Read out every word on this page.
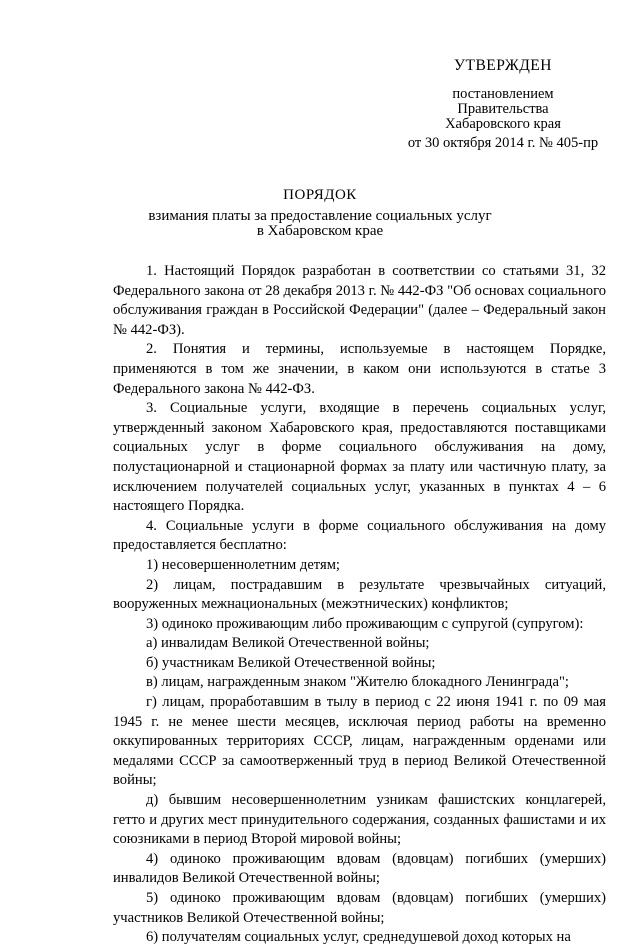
УТВЕРЖДЕН
постановлением
Правительства
Хабаровского края
от 30 октября 2014 г. № 405-пр
ПОРЯДОК
взимания платы за предоставление социальных услуг
в Хабаровском крае

1. Настоящий Порядок разработан в соответствии со статьями 31, 32 Федерального закона от 28 декабря 2013 г. № 442-ФЗ "Об основах социального обслуживания граждан в Российской Федерации" (далее – Федеральный закон № 442-ФЗ).

2. Понятия и термины, используемые в настоящем Порядке, применяются в том же значении, в каком они используются в статье 3 Федерального закона № 442-ФЗ.

3. Социальные услуги, входящие в перечень социальных услуг, утвержденный законом Хабаровского края, предоставляются поставщиками социальных услуг в форме социального обслуживания на дому, полустационарной и стационарной формах за плату или частичную плату, за исключением получателей социальных услуг, указанных в пунктах 4 – 6 настоящего Порядка.

4. Социальные услуги в форме социального обслуживания на дому предоставляется бесплатно:

1) несовершеннолетним детям;

2) лицам, пострадавшим в результате чрезвычайных ситуаций, вооруженных межнациональных (межэтнических) конфликтов;

3) одиноко проживающим либо проживающим с супругой (супругом):

а) инвалидам Великой Отечественной войны;

б) участникам Великой Отечественной войны;

в) лицам, награжденным знаком "Жителю блокадного Ленинграда";

г) лицам, проработавшим в тылу в период с 22 июня 1941 г. по 09 мая 1945 г. не менее шести месяцев, исключая период работы на временно оккупированных территориях СССР, лицам, награжденным орденами или медалями СССР за самоотверженный труд в период Великой Отечественной войны;

д) бывшим несовершеннолетним узникам фашистских концлагерей, гетто и других мест принудительного содержания, созданных фашистами и их союзниками в период Второй мировой войны;

4) одиноко проживающим вдовам (вдовцам) погибших (умерших) инвалидов Великой Отечественной войны;

5) одиноко проживающим вдовам (вдовцам) погибших (умерших) участников Великой Отечественной войны;

6) получателям социальных услуг, среднедушевой доход которых на
